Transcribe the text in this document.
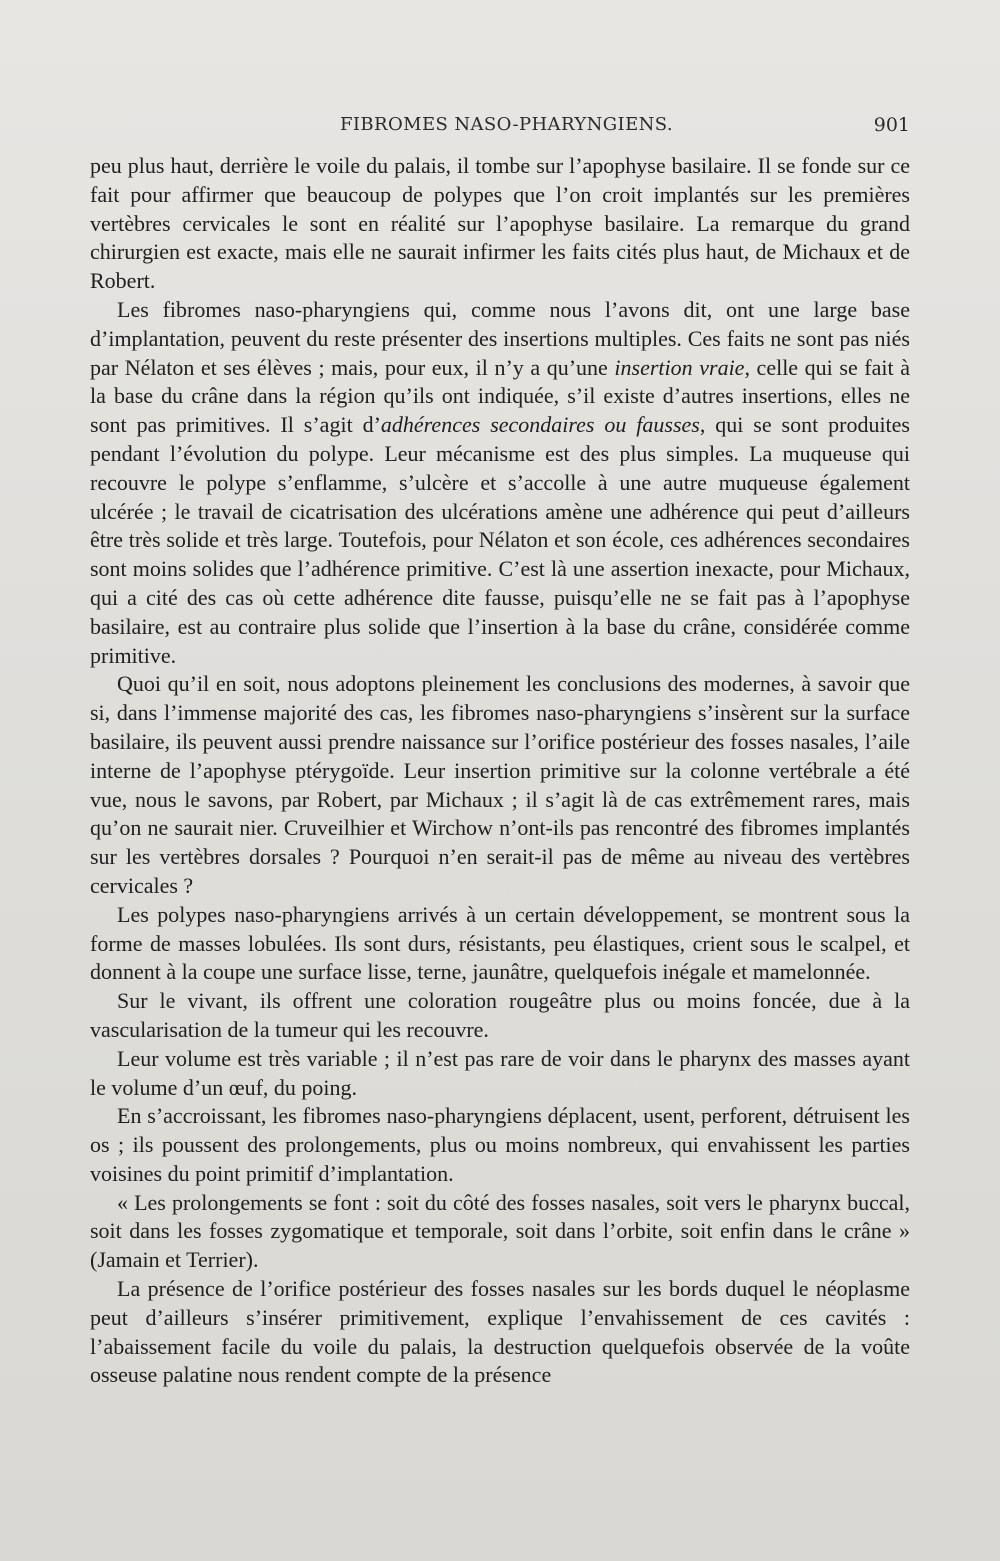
FIBROMES NASO-PHARYNGIENS.	901

peu plus haut, derrière le voile du palais, il tombe sur l’apophyse basilaire. Il se fonde sur ce fait pour affirmer que beaucoup de polypes que l’on croit implantés sur les premières vertèbres cervicales le sont en réalité sur l’apophyse basilaire. La remarque du grand chirurgien est exacte, mais elle ne saurait infirmer les faits cités plus haut, de Michaux et de Robert.

Les fibromes naso-pharyngiens qui, comme nous l’avons dit, ont une large base d’implantation, peuvent du reste présenter des insertions multiples. Ces faits ne sont pas niés par Nélaton et ses élèves ; mais, pour eux, il n’y a qu’une insertion vraie, celle qui se fait à la base du crâne dans la région qu’ils ont indiquée, s’il existe d’autres insertions, elles ne sont pas primitives. Il s’agit d’adhérences secondaires ou fausses, qui se sont produites pendant l’évolution du polype. Leur mécanisme est des plus simples. La muqueuse qui recouvre le polype s’enflamme, s’ulcère et s’accolle à une autre muqueuse également ulcérée ; le travail de cicatrisation des ulcérations amène une adhérence qui peut d’ailleurs être très solide et très large. Toutefois, pour Nélaton et son école, ces adhérences secondaires sont moins solides que l’adhérence primitive. C’est là une assertion inexacte, pour Michaux, qui a cité des cas où cette adhérence dite fausse, puisqu’elle ne se fait pas à l’apophyse basilaire, est au contraire plus solide que l’insertion à la base du crâne, considérée comme primitive.

Quoi qu’il en soit, nous adoptons pleinement les conclusions des modernes, à savoir que si, dans l’immense majorité des cas, les fibromes naso-pharyngiens s’insèrent sur la surface basilaire, ils peuvent aussi prendre naissance sur l’orifice postérieur des fosses nasales, l’aile interne de l’apophyse ptérygoïde. Leur insertion primitive sur la colonne vertébrale a été vue, nous le savons, par Robert, par Michaux ; il s’agit là de cas extrêmement rares, mais qu’on ne saurait nier. Cruveilhier et Wirchow n’ont-ils pas rencontré des fibromes implantés sur les vertèbres dorsales ? Pourquoi n’en serait-il pas de même au niveau des vertèbres cervicales ?

Les polypes naso-pharyngiens arrivés à un certain développement, se montrent sous la forme de masses lobulées. Ils sont durs, résistants, peu élastiques, crient sous le scalpel, et donnent à la coupe une surface lisse, terne, jaunâtre, quelquefois inégale et mamelonnée.

Sur le vivant, ils offrent une coloration rougeâtre plus ou moins foncée, due à la vascularisation de la tumeur qui les recouvre.

Leur volume est très variable ; il n’est pas rare de voir dans le pharynx des masses ayant le volume d’un œuf, du poing.

En s’accroissant, les fibromes naso-pharyngiens déplacent, usent, perforent, détruisent les os ; ils poussent des prolongements, plus ou moins nombreux, qui envahissent les parties voisines du point primitif d’implantation.

« Les prolongements se font : soit du côté des fosses nasales, soit vers le pharynx buccal, soit dans les fosses zygomatique et temporale, soit dans l’orbite, soit enfin dans le crâne » (Jamain et Terrier).

La présence de l’orifice postérieur des fosses nasales sur les bords duquel le néoplasme peut d’ailleurs s’insérer primitivement, explique l’envahissement de ces cavités : l’abaissement facile du voile du palais, la destruction quelquefois observée de la voûte osseuse palatine nous rendent compte de la présence
